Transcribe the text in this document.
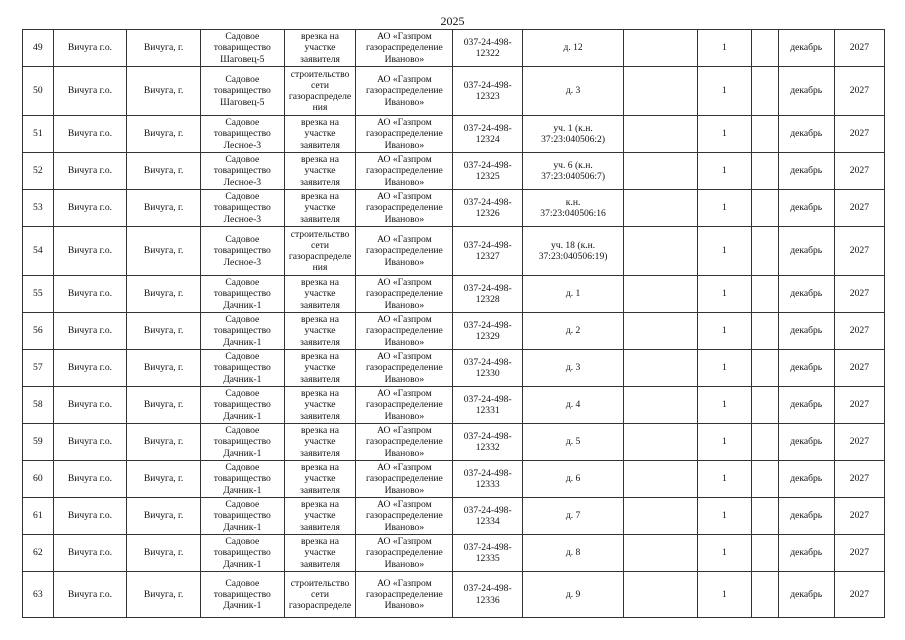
2025
49	Вичуга г.о.	Вичуга, г.	Садовое
товарищество
Шаговец-5	врезка на
участке
заявителя	АО «Газпром
газораспределение
Иваново»	037-24-498-
12322	д. 12		1		декабрь	2027
50	Вичуга г.о.	Вичуга, г.	Садовое
товарищество
Шаговец-5	строительство
сети
газораспределе
ния	АО «Газпром
газораспределение
Иваново»	037-24-498-
12323	д. 3		1		декабрь	2027
51	Вичуга г.о.	Вичуга, г.	Садовое
товарищество
Лесное-3	врезка на
участке
заявителя	АО «Газпром
газораспределение
Иваново»	037-24-498-
12324	уч. 1 (к.н.
37:23:040506:2)		1		декабрь	2027
52	Вичуга г.о.	Вичуга, г.	Садовое
товарищество
Лесное-3	врезка на
участке
заявителя	АО «Газпром
газораспределение
Иваново»	037-24-498-
12325	уч. 6 (к.н.
37:23:040506:7)		1		декабрь	2027
53	Вичуга г.о.	Вичуга, г.	Садовое
товарищество
Лесное-3	врезка на
участке
заявителя	АО «Газпром
газораспределение
Иваново»	037-24-498-
12326	к.н.
37:23:040506:16		1		декабрь	2027
54	Вичуга г.о.	Вичуга, г.	Садовое
товарищество
Лесное-3	строительство
сети
газораспределе
ния	АО «Газпром
газораспределение
Иваново»	037-24-498-
12327	уч. 18 (к.н.
37:23:040506:19)		1		декабрь	2027
55	Вичуга г.о.	Вичуга, г.	Садовое
товарищество
Дачник-1	врезка на
участке
заявителя	АО «Газпром
газораспределение
Иваново»	037-24-498-
12328	д. 1		1		декабрь	2027
56	Вичуга г.о.	Вичуга, г.	Садовое
товарищество
Дачник-1	врезка на
участке
заявителя	АО «Газпром
газораспределение
Иваново»	037-24-498-
12329	д. 2		1		декабрь	2027
57	Вичуга г.о.	Вичуга, г.	Садовое
товарищество
Дачник-1	врезка на
участке
заявителя	АО «Газпром
газораспределение
Иваново»	037-24-498-
12330	д. 3		1		декабрь	2027
58	Вичуга г.о.	Вичуга, г.	Садовое
товарищество
Дачник-1	врезка на
участке
заявителя	АО «Газпром
газораспределение
Иваново»	037-24-498-
12331	д. 4		1		декабрь	2027
59	Вичуга г.о.	Вичуга, г.	Садовое
товарищество
Дачник-1	врезка на
участке
заявителя	АО «Газпром
газораспределение
Иваново»	037-24-498-
12332	д. 5		1		декабрь	2027
60	Вичуга г.о.	Вичуга, г.	Садовое
товарищество
Дачник-1	врезка на
участке
заявителя	АО «Газпром
газораспределение
Иваново»	037-24-498-
12333	д. 6		1		декабрь	2027
61	Вичуга г.о.	Вичуга, г.	Садовое
товарищество
Дачник-1	врезка на
участке
заявителя	АО «Газпром
газораспределение
Иваново»	037-24-498-
12334	д. 7		1		декабрь	2027
62	Вичуга г.о.	Вичуга, г.	Садовое
товарищество
Дачник-1	врезка на
участке
заявителя	АО «Газпром
газораспределение
Иваново»	037-24-498-
12335	д. 8		1		декабрь	2027
63	Вичуга г.о.	Вичуга, г.	Садовое
товарищество
Дачник-1	строительство
сети
газораспределе	АО «Газпром
газораспределение
Иваново»	037-24-498-
12336	д. 9		1		декабрь	2027
